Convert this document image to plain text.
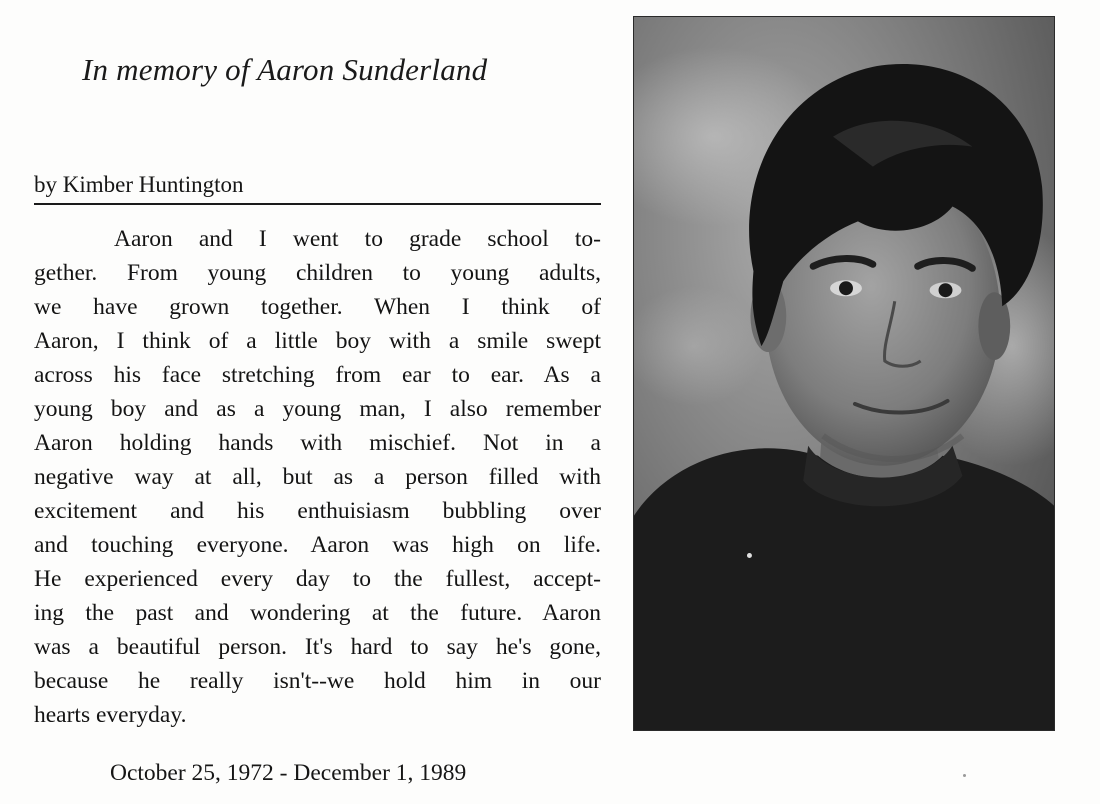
In memory of Aaron Sunderland
by Kimber Huntington
Aaron and I went to grade school to-
gether. From young children to young adults,
we have grown together. When I think of
Aaron, I think of a little boy with a smile swept
across his face stretching from ear to ear. As a
young boy and as a young man, I also remember
Aaron holding hands with mischief. Not in a
negative way at all, but as a person filled with
excitement and his enthuisiasm bubbling over
and touching everyone. Aaron was high on life.
He experienced every day to the fullest, accept-
ing the past and wondering at the future. Aaron
was a beautiful person. It's hard to say he's gone,
because he really isn't--we hold him in our
hearts everyday.
October 25, 1972 - December 1, 1989
